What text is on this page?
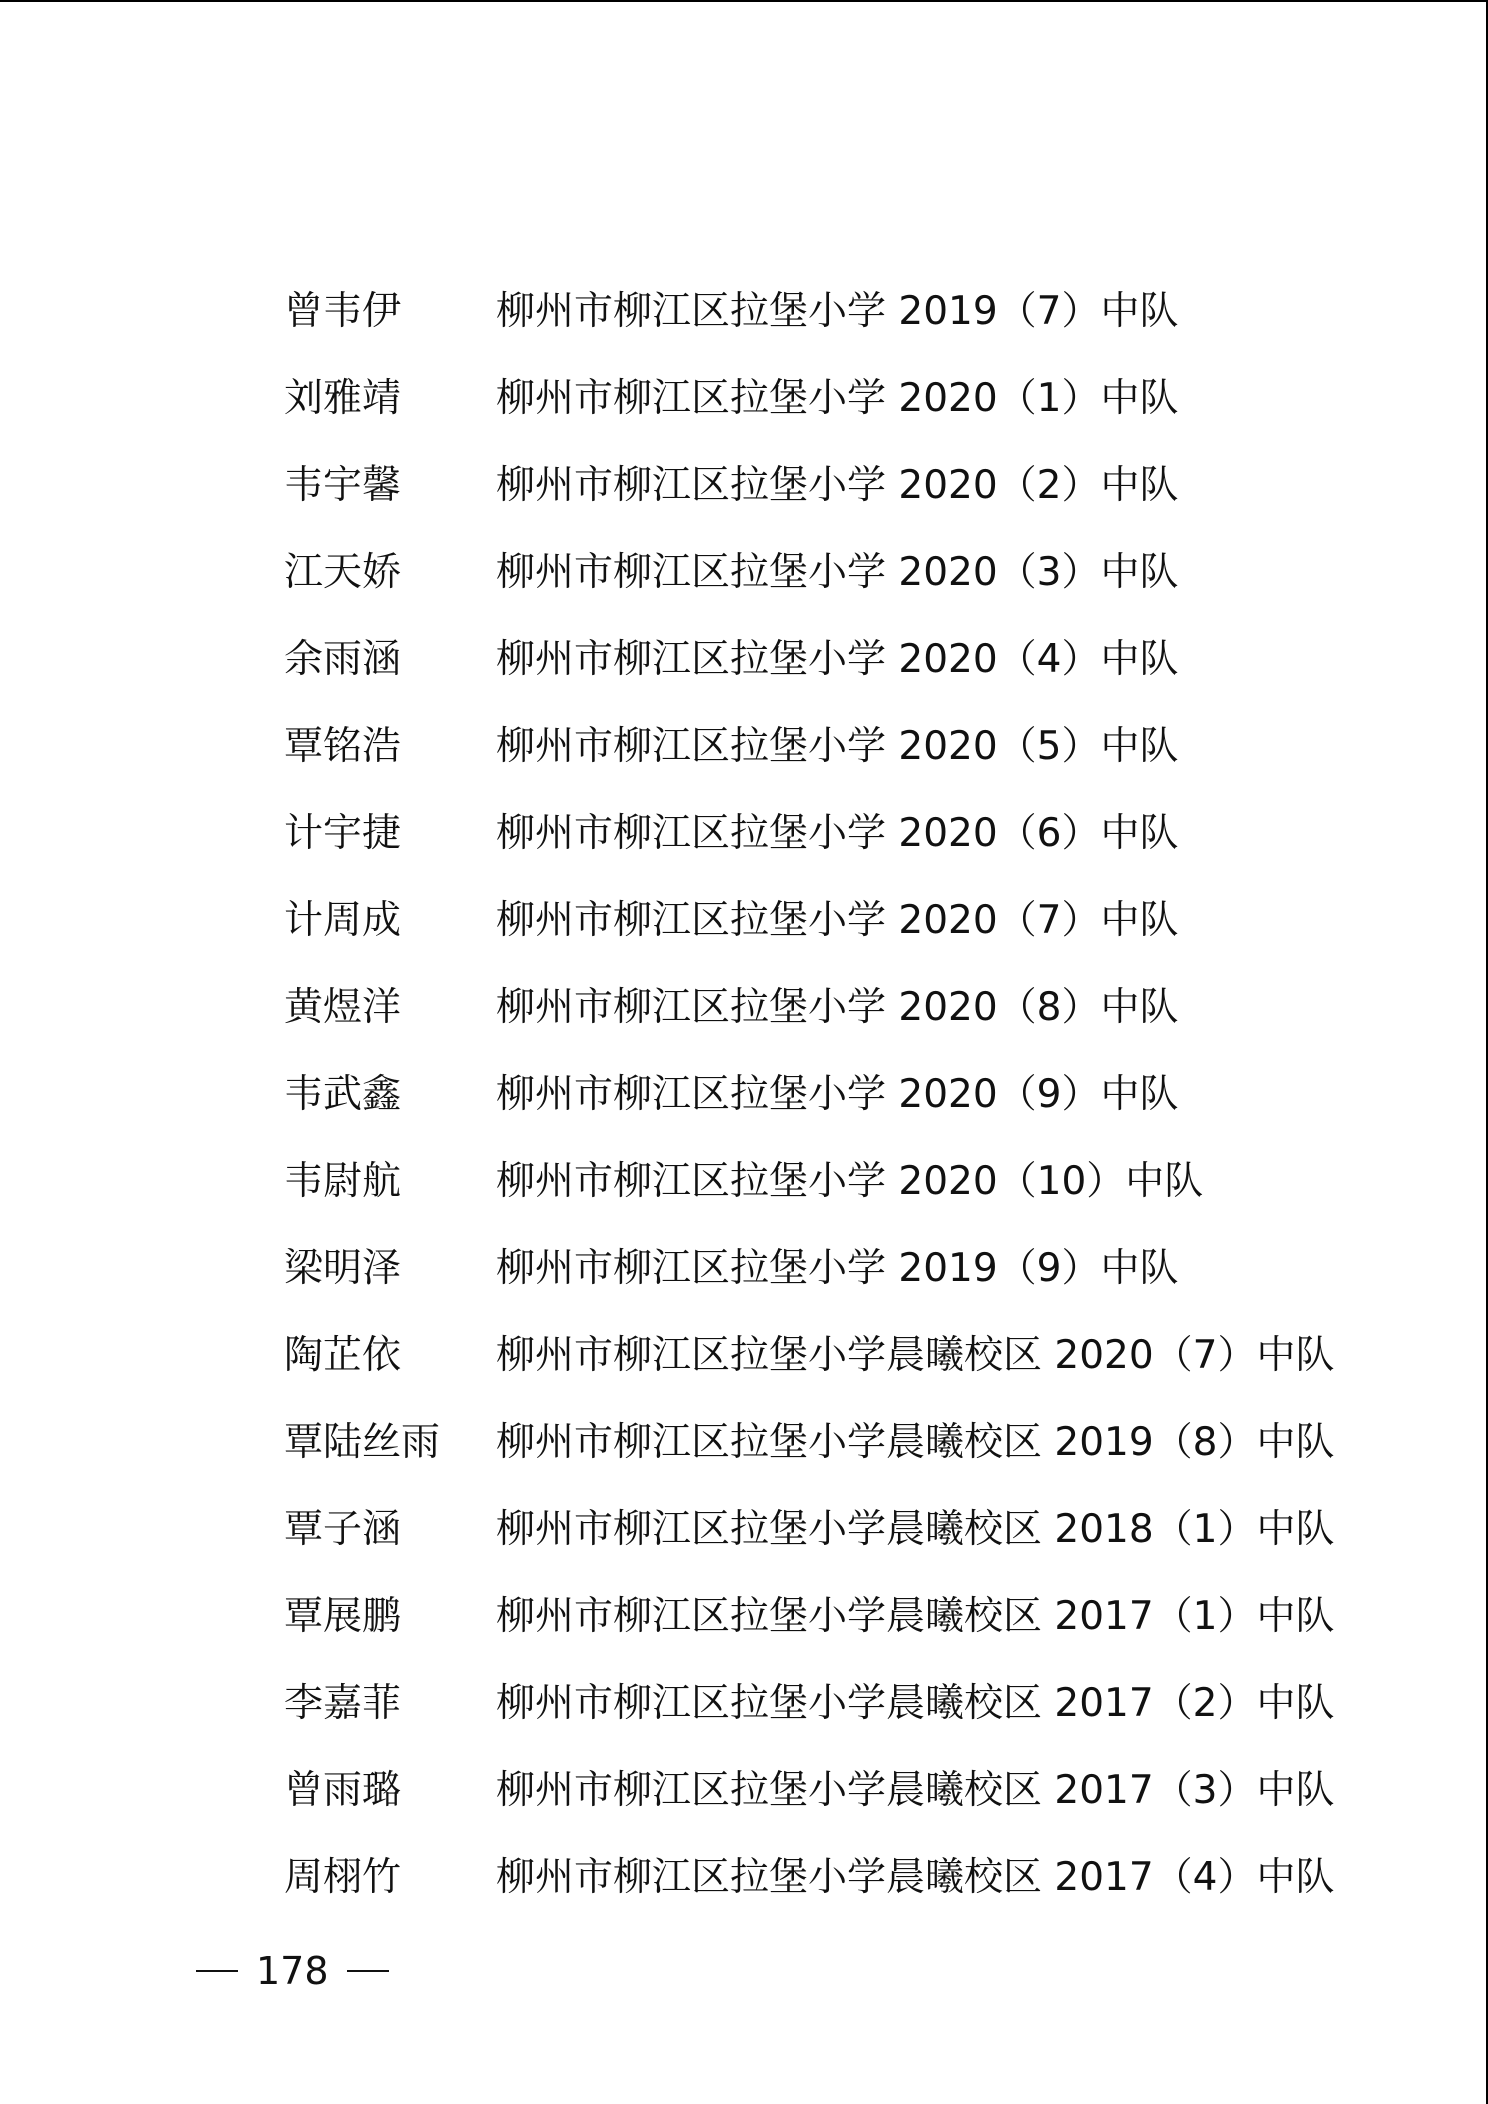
曾韦伊	柳州市柳江区拉堡小学 2019（7）中队
刘雅靖	柳州市柳江区拉堡小学 2020（1）中队
韦宇馨	柳州市柳江区拉堡小学 2020（2）中队
江天娇	柳州市柳江区拉堡小学 2020（3）中队
余雨涵	柳州市柳江区拉堡小学 2020（4）中队
覃铭浩	柳州市柳江区拉堡小学 2020（5）中队
计宇捷	柳州市柳江区拉堡小学 2020（6）中队
计周成	柳州市柳江区拉堡小学 2020（7）中队
黄煜洋	柳州市柳江区拉堡小学 2020（8）中队
韦武鑫	柳州市柳江区拉堡小学 2020（9）中队
韦尉航	柳州市柳江区拉堡小学 2020（10）中队
梁明泽	柳州市柳江区拉堡小学 2019（9）中队
陶芷依	柳州市柳江区拉堡小学晨曦校区 2020（7）中队
覃陆丝雨	柳州市柳江区拉堡小学晨曦校区 2019（8）中队
覃子涵	柳州市柳江区拉堡小学晨曦校区 2018（1）中队
覃展鹏	柳州市柳江区拉堡小学晨曦校区 2017（1）中队
李嘉菲	柳州市柳江区拉堡小学晨曦校区 2017（2）中队
曾雨璐	柳州市柳江区拉堡小学晨曦校区 2017（3）中队
周栩竹	柳州市柳江区拉堡小学晨曦校区 2017（4）中队
178
